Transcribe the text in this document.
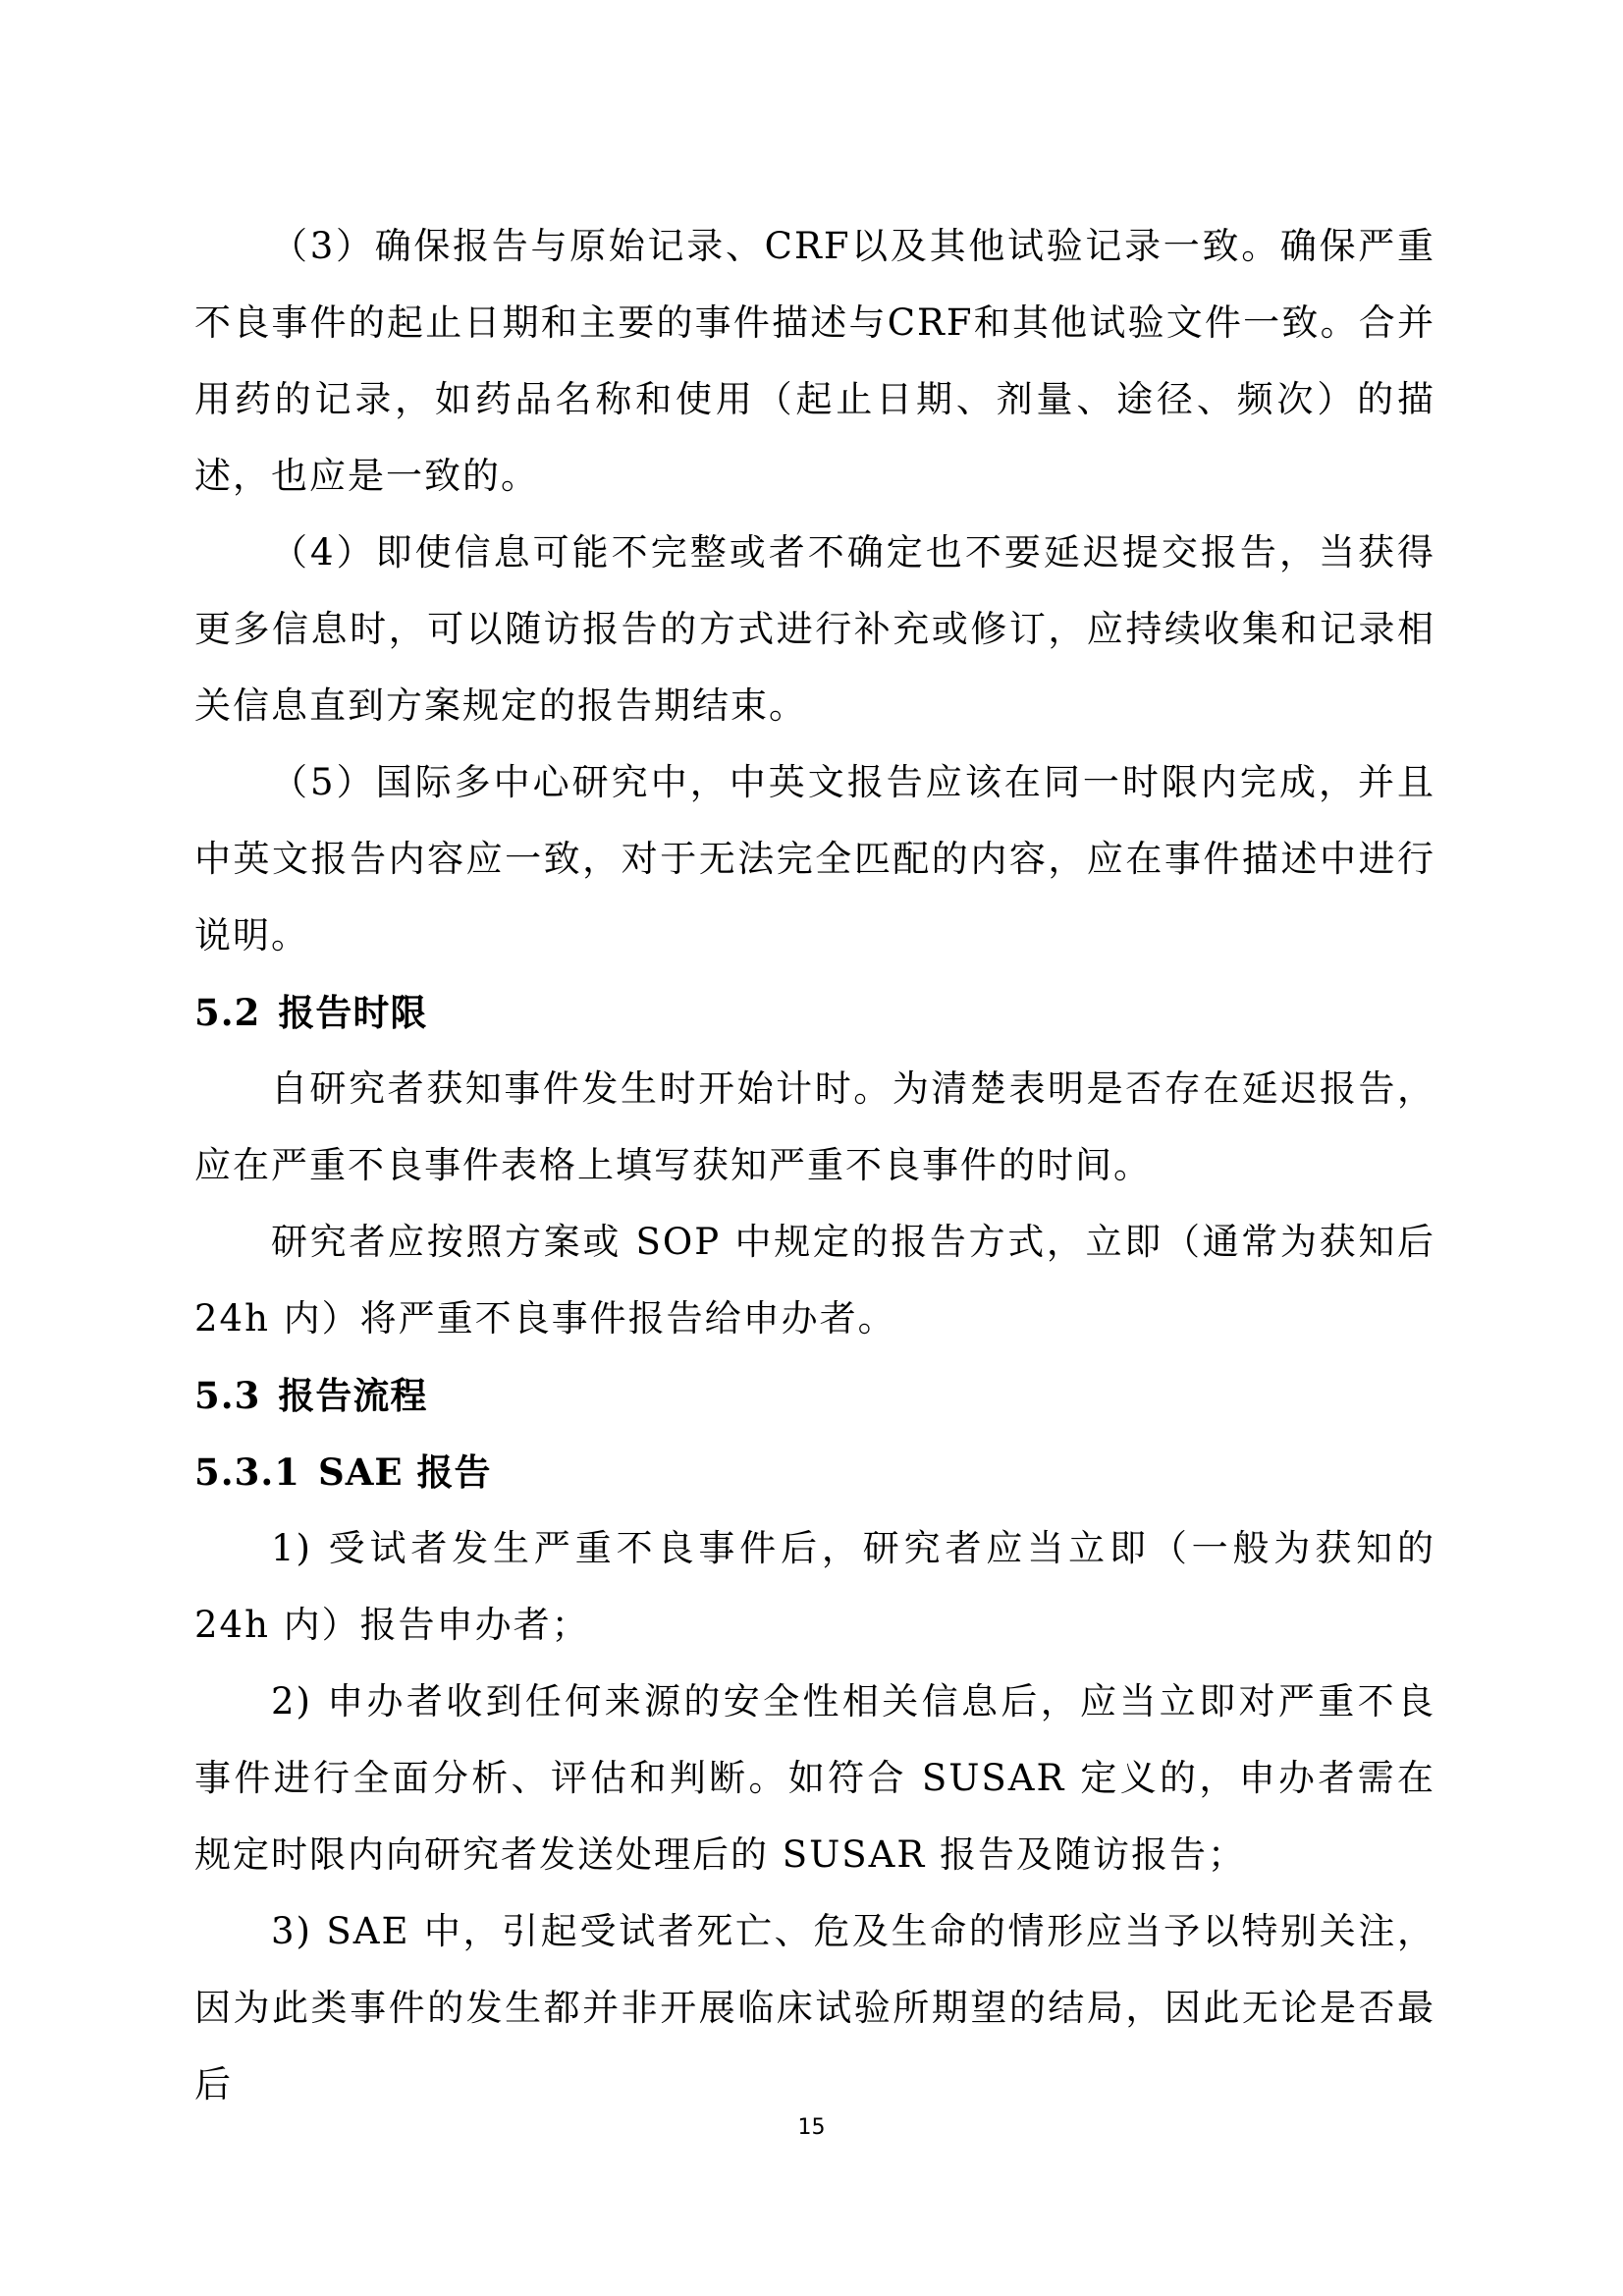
（3）确保报告与原始记录、CRF以及其他试验记录一致。确保严重不良事件的起止日期和主要的事件描述与CRF和其他试验文件一致。合并用药的记录，如药品名称和使用（起止日期、剂量、途径、频次）的描述，也应是一致的。

（4）即使信息可能不完整或者不确定也不要延迟提交报告，当获得更多信息时，可以随访报告的方式进行补充或修订，应持续收集和记录相关信息直到方案规定的报告期结束。

（5）国际多中心研究中，中英文报告应该在同一时限内完成，并且中英文报告内容应一致，对于无法完全匹配的内容，应在事件描述中进行说明。

5.2 报告时限

自研究者获知事件发生时开始计时。为清楚表明是否存在延迟报告，应在严重不良事件表格上填写获知严重不良事件的时间。

研究者应按照方案或 SOP 中规定的报告方式，立即（通常为获知后 24h 内）将严重不良事件报告给申办者。

5.3 报告流程
5.3.1 SAE 报告

1) 受试者发生严重不良事件后，研究者应当立即（一般为获知的 24h 内）报告申办者；

2) 申办者收到任何来源的安全性相关信息后，应当立即对严重不良事件进行全面分析、评估和判断。如符合 SUSAR 定义的，申办者需在规定时限内向研究者发送处理后的 SUSAR 报告及随访报告；

3) SAE 中，引起受试者死亡、危及生命的情形应当予以特别关注，因为此类事件的发生都并非开展临床试验所期望的结局，因此无论是否最后

15
